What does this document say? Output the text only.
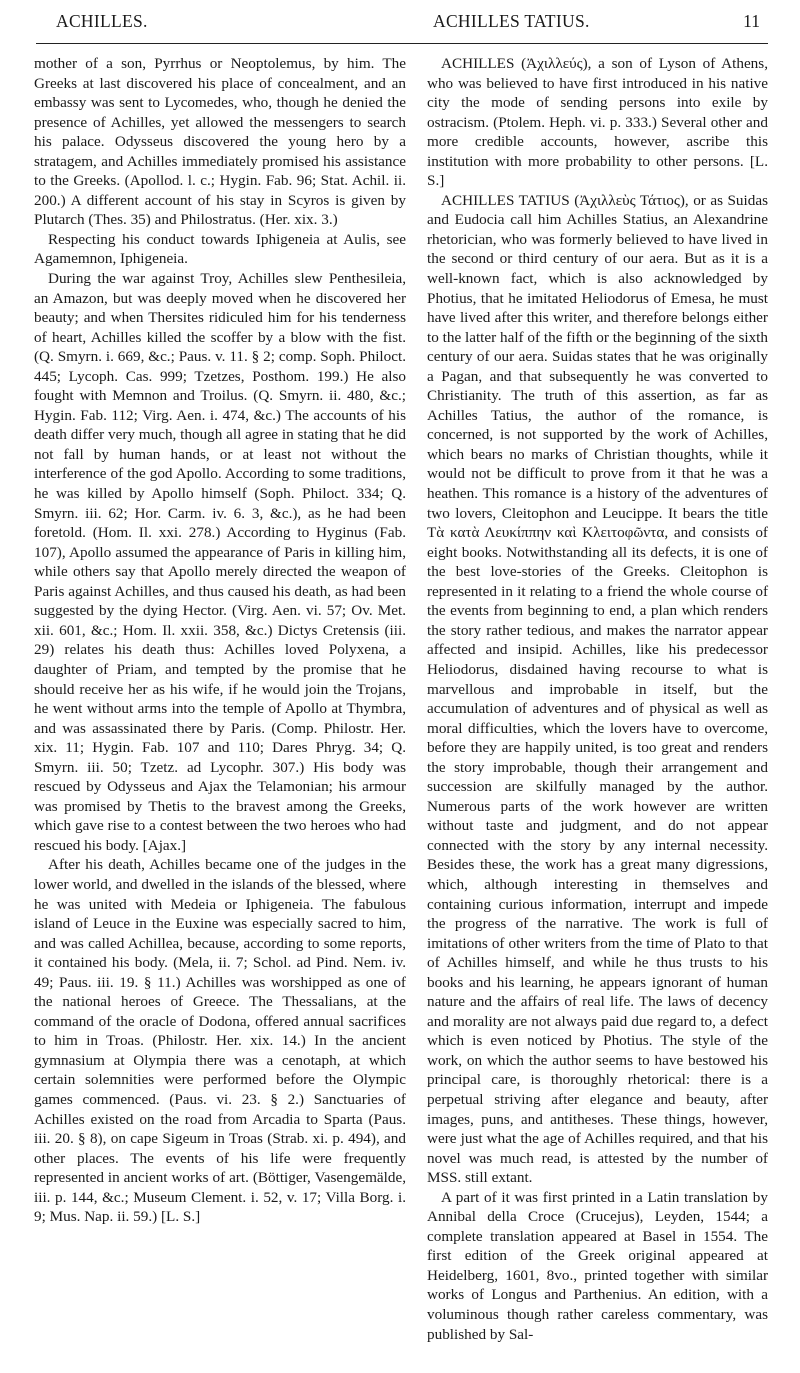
ACHILLES.	ACHILLES TATIUS.	11

mother of a son, Pyrrhus or Neoptolemus, by him. The Greeks at last discovered his place of concealment, and an embassy was sent to Lycomedes, who, though he denied the presence of Achilles, yet allowed the messengers to search his palace. Odysseus discovered the young hero by a stratagem, and Achilles immediately promised his assistance to the Greeks. (Apollod. l. c.; Hygin. Fab. 96; Stat. Achil. ii. 200.) A different account of his stay in Scyros is given by Plutarch (Thes. 35) and Philostratus. (Her. xix. 3.)

Respecting his conduct towards Iphigeneia at Aulis, see Agamemnon, Iphigeneia.

During the war against Troy, Achilles slew Penthesileia, an Amazon, but was deeply moved when he discovered her beauty; and when Thersites ridiculed him for his tenderness of heart, Achilles killed the scoffer by a blow with the fist. (Q. Smyrn. i. 669, &c.; Paus. v. 11. § 2; comp. Soph. Philoct. 445; Lycoph. Cas. 999; Tzetzes, Posthom. 199.) He also fought with Memnon and Troilus. (Q. Smyrn. ii. 480, &c.; Hygin. Fab. 112; Virg. Aen. i. 474, &c.) The accounts of his death differ very much, though all agree in stating that he did not fall by human hands, or at least not without the interference of the god Apollo. According to some traditions, he was killed by Apollo himself (Soph. Philoct. 334; Q. Smyrn. iii. 62; Hor. Carm. iv. 6. 3, &c.), as he had been foretold. (Hom. Il. xxi. 278.) According to Hyginus (Fab. 107), Apollo assumed the appearance of Paris in killing him, while others say that Apollo merely directed the weapon of Paris against Achilles, and thus caused his death, as had been suggested by the dying Hector. (Virg. Aen. vi. 57; Ov. Met. xii. 601, &c.; Hom. Il. xxii. 358, &c.) Dictys Cretensis (iii. 29) relates his death thus: Achilles loved Polyxena, a daughter of Priam, and tempted by the promise that he should receive her as his wife, if he would join the Trojans, he went without arms into the temple of Apollo at Thymbra, and was assassinated there by Paris. (Comp. Philostr. Her. xix. 11; Hygin. Fab. 107 and 110; Dares Phryg. 34; Q. Smyrn. iii. 50; Tzetz. ad Lycophr. 307.) His body was rescued by Odysseus and Ajax the Telamonian; his armour was promised by Thetis to the bravest among the Greeks, which gave rise to a contest between the two heroes who had rescued his body. [Ajax.]

After his death, Achilles became one of the judges in the lower world, and dwelled in the islands of the blessed, where he was united with Medeia or Iphigeneia. The fabulous island of Leuce in the Euxine was especially sacred to him, and was called Achillea, because, according to some reports, it contained his body. (Mela, ii. 7; Schol. ad Pind. Nem. iv. 49; Paus. iii. 19. § 11.) Achilles was worshipped as one of the national heroes of Greece. The Thessalians, at the command of the oracle of Dodona, offered annual sacrifices to him in Troas. (Philostr. Her. xix. 14.) In the ancient gymnasium at Olympia there was a cenotaph, at which certain solemnities were performed before the Olympic games commenced. (Paus. vi. 23. § 2.) Sanctuaries of Achilles existed on the road from Arcadia to Sparta (Paus. iii. 20. § 8), on cape Sigeum in Troas (Strab. xi. p. 494), and other places. The events of his life were frequently represented in ancient works of art. (Böttiger, Vasengemälde, iii. p. 144, &c.; Museum Clement. i. 52, v. 17; Villa Borg. i. 9; Mus. Nap. ii. 59.) [L. S.]

ACHILLES (Ἀχιλλεύς), a son of Lyson of Athens, who was believed to have first introduced in his native city the mode of sending persons into exile by ostracism. (Ptolem. Heph. vi. p. 333.) Several other and more credible accounts, however, ascribe this institution with more probability to other persons. [L. S.]

ACHILLES TATIUS (Ἀχιλλεὺς Τάτιος), or as Suidas and Eudocia call him Achilles Statius, an Alexandrine rhetorician, who was formerly believed to have lived in the second or third century of our aera. But as it is a well-known fact, which is also acknowledged by Photius, that he imitated Heliodorus of Emesa, he must have lived after this writer, and therefore belongs either to the latter half of the fifth or the beginning of the sixth century of our aera. Suidas states that he was originally a Pagan, and that subsequently he was converted to Christianity. The truth of this assertion, as far as Achilles Tatius, the author of the romance, is concerned, is not supported by the work of Achilles, which bears no marks of Christian thoughts, while it would not be difficult to prove from it that he was a heathen. This romance is a history of the adventures of two lovers, Cleitophon and Leucippe. It bears the title Τὰ κατὰ Λευκίππην καὶ Κλειτοφῶντα, and consists of eight books. Notwithstanding all its defects, it is one of the best love-stories of the Greeks. Cleitophon is represented in it relating to a friend the whole course of the events from beginning to end, a plan which renders the story rather tedious, and makes the narrator appear affected and insipid. Achilles, like his predecessor Heliodorus, disdained having recourse to what is marvellous and improbable in itself, but the accumulation of adventures and of physical as well as moral difficulties, which the lovers have to overcome, before they are happily united, is too great and renders the story improbable, though their arrangement and succession are skilfully managed by the author. Numerous parts of the work however are written without taste and judgment, and do not appear connected with the story by any internal necessity. Besides these, the work has a great many digressions, which, although interesting in themselves and containing curious information, interrupt and impede the progress of the narrative. The work is full of imitations of other writers from the time of Plato to that of Achilles himself, and while he thus trusts to his books and his learning, he appears ignorant of human nature and the affairs of real life. The laws of decency and morality are not always paid due regard to, a defect which is even noticed by Photius. The style of the work, on which the author seems to have bestowed his principal care, is thoroughly rhetorical: there is a perpetual striving after elegance and beauty, after images, puns, and antitheses. These things, however, were just what the age of Achilles required, and that his novel was much read, is attested by the number of MSS. still extant.

A part of it was first printed in a Latin translation by Annibal della Croce (Crucejus), Leyden, 1544; a complete translation appeared at Basel in 1554. The first edition of the Greek original appeared at Heidelberg, 1601, 8vo., printed together with similar works of Longus and Parthenius. An edition, with a voluminous though rather careless commentary, was published by Sal-
